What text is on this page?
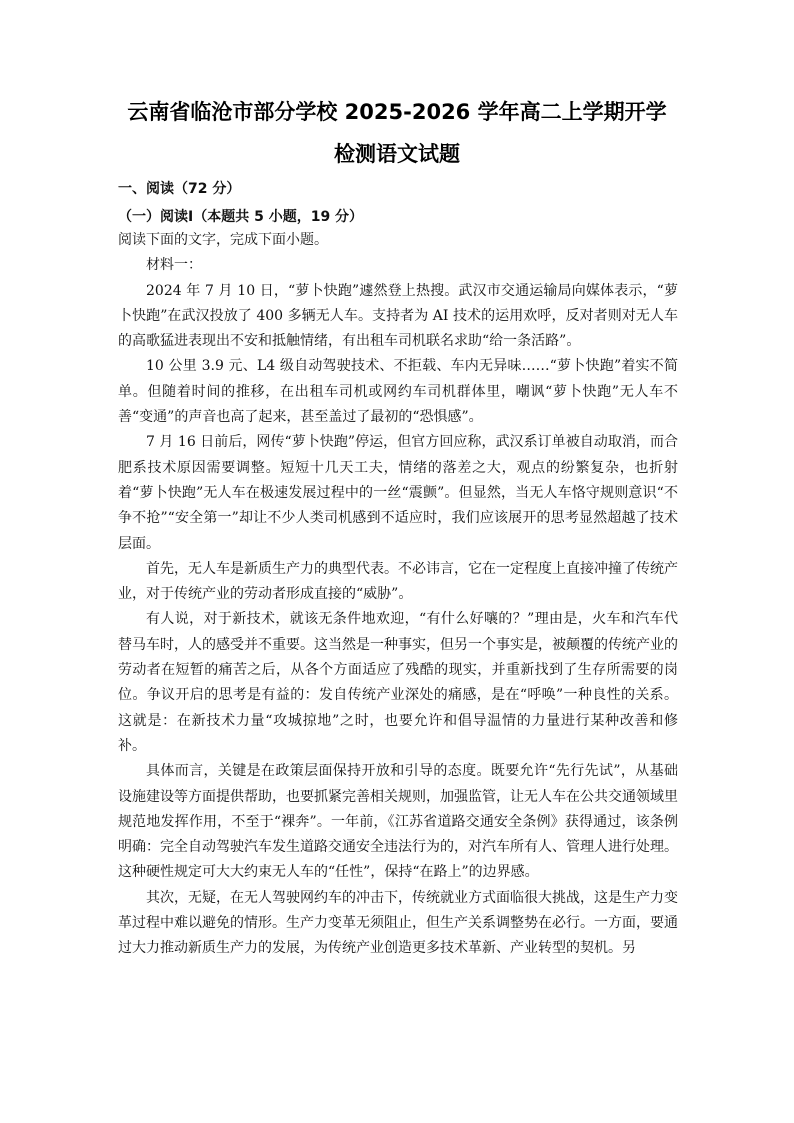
云南省临沧市部分学校 2025-2026 学年高二上学期开学
检测语文试题
一、阅读（72 分）
（一）阅读Ⅰ（本题共 5 小题，19 分）

阅读下面的文字，完成下面小题。

材料一：

2024 年 7 月 10 日，“萝卜快跑”遽然登上热搜。武汉市交通运输局向媒体表示，“萝卜快跑”在武汉投放了 400 多辆无人车。支持者为 AI 技术的运用欢呼，反对者则对无人车的高歌猛进表现出不安和抵触情绪，有出租车司机联名求助“给一条活路”。

10 公里 3.9 元、L4 级自动驾驶技术、不拒载、车内无异味……“萝卜快跑”着实不简单。但随着时间的推移，在出租车司机或网约车司机群体里，嘲讽“萝卜快跑”无人车不善“变通”的声音也高了起来，甚至盖过了最初的“恐惧感”。

7 月 16 日前后，网传“萝卜快跑”停运，但官方回应称，武汉系订单被自动取消，而合肥系技术原因需要调整。短短十几天工夫，情绪的落差之大，观点的纷繁复杂，也折射着“萝卜快跑”无人车在极速发展过程中的一丝“震颤”。但显然，当无人车恪守规则意识“不争不抢”“安全第一”却让不少人类司机感到不适应时，我们应该展开的思考显然超越了技术层面。

首先，无人车是新质生产力的典型代表。不必讳言，它在一定程度上直接冲撞了传统产业，对于传统产业的劳动者形成直接的“威胁”。

有人说，对于新技术，就该无条件地欢迎，“有什么好嚷的？”理由是，火车和汽车代替马车时，人的感受并不重要。这当然是一种事实，但另一个事实是，被颠覆的传统产业的劳动者在短暂的痛苦之后，从各个方面适应了残酷的现实，并重新找到了生存所需要的岗位。争议开启的思考是有益的：发自传统产业深处的痛感，是在“呼唤”一种良性的关系。这就是：在新技术力量“攻城掠地”之时，也要允许和倡导温情的力量进行某种改善和修补。

具体而言，关键是在政策层面保持开放和引导的态度。既要允许“先行先试”，从基础设施建设等方面提供帮助，也要抓紧完善相关规则，加强监管，让无人车在公共交通领域里规范地发挥作用，不至于“裸奔”。一年前，《江苏省道路交通安全条例》获得通过，该条例明确：完全自动驾驶汽车发生道路交通安全违法行为的，对汽车所有人、管理人进行处理。这种硬性规定可大大约束无人车的“任性”，保持“在路上”的边界感。

其次，无疑，在无人驾驶网约车的冲击下，传统就业方式面临很大挑战，这是生产力变革过程中难以避免的情形。生产力变革无须阻止，但生产关系调整势在必行。一方面，要通过大力推动新质生产力的发展，为传统产业创造更多技术革新、产业转型的契机。另
